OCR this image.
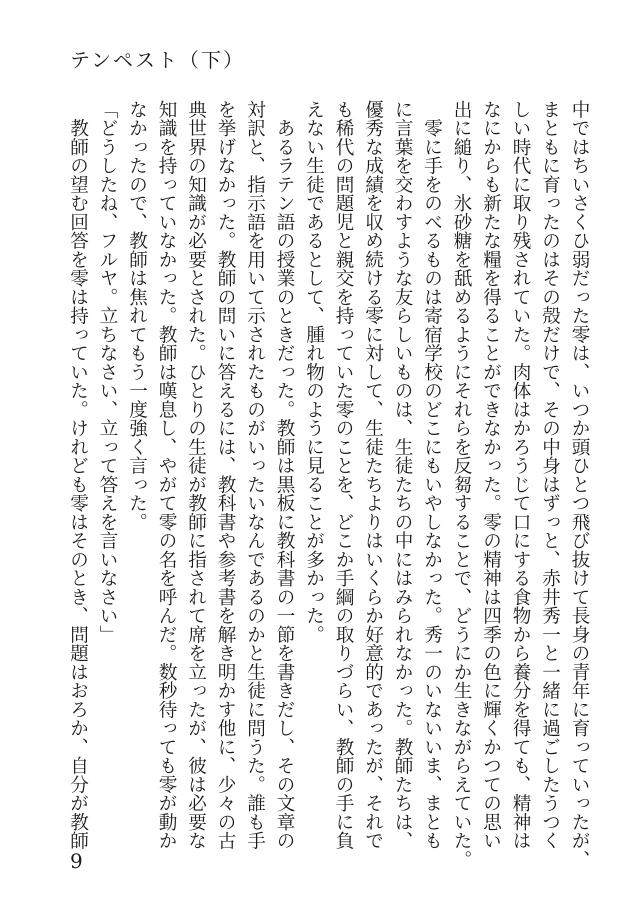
テンペスト（下）

中ではちいさくひ弱だった零は、いつか頭ひとつ飛び抜けて長身の青年に育っていったが、

まともに育ったのはその殻だけで、その中身はずっと、赤井秀一と一緒に過ごしたうつく

しい時代に取り残されていた。肉体はかろうじて口にする食物から養分を得ても、精神は

なにからも新たな糧を得ることができなかった。零の精神は四季の色に輝くかつての思い

出に縋り、氷砂糖を舐めるようにそれらを反芻することで、どうにか生きながらえていた。

　零に手をのべるものは寄宿学校のどこにもいやしなかった。秀一のいないいま、まとも

に言葉を交わすような友らしいものは、生徒たちの中にはみられなかった。教師たちは、

優秀な成績を収め続ける零に対して、生徒たちよりはいくらか好意的であったが、それで

も稀代の問題児と親交を持っていた零のことを、どこか手綱の取りづらい、教師の手に負

えない生徒であるとして、腫れ物のように見ることが多かった。

　あるラテン語の授業のときだった。教師は黒板に教科書の一節を書きだし、その文章の

対訳と、指示語を用いて示されたものがいったいなんであるのかと生徒に問うた。誰も手

を挙げなかった。教師の問いに答えるには、教科書や参考書を解き明かす他に、少々の古

典世界の知識が必要とされた。ひとりの生徒が教師に指されて席を立ったが、彼は必要な

知識を持っていなかった。教師は嘆息し、やがて零の名を呼んだ。数秒待っても零が動か

なかったので、教師は焦れてもう一度強く言った。

「どうしたね、フルヤ。立ちなさい、立って答えを言いなさい」

　教師の望む回答を零は持っていた。けれども零はそのとき、問題はおろか、自分が教師

9
